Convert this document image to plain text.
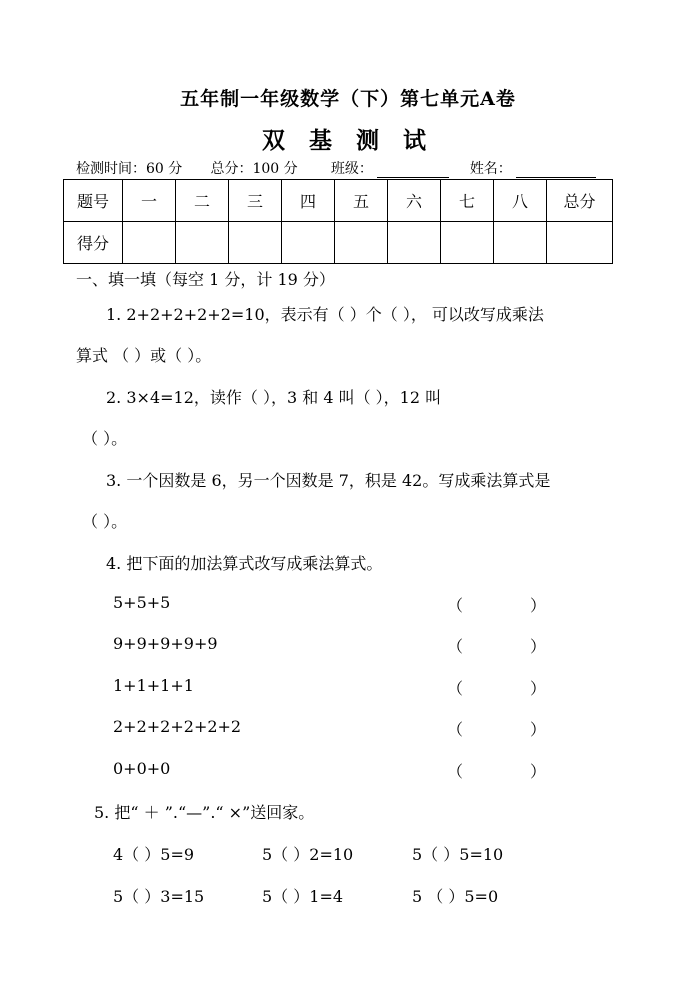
五年制一年级数学（下）第七单元A卷
双 基 测 试
检测时间：60 分 总分：100 分 班级：	姓名：
题号	一	二	三	四	五	六	七	八	总分
得分									
一、填一填（每空 1 分，计 19 分）
1. 2+2+2+2+2=10，表示有（ ）个（ ）， 可以改写成乘法
算式 （ ）或（ ）。
2. 3×4=12，读作（ ），3 和 4 叫（ ），12 叫
（ ）。
3. 一个因数是 6，另一个因数是 7，积是 42。写成乘法算式是
（ ）。
4. 把下面的加法算式改写成乘法算式。
5+5+5	（	）
9+9+9+9+9	（	）
1+1+1+1	（	）
2+2+2+2+2+2	（	）
0+0+0	（	）
5. 把“ ＋ ”.“—”.“ ×”送回家。
4（ ）5=9	5（ ）2=10	5（ ）5=10
5（ ）3=15	5（ ）1=4	5 （ ）5=0
